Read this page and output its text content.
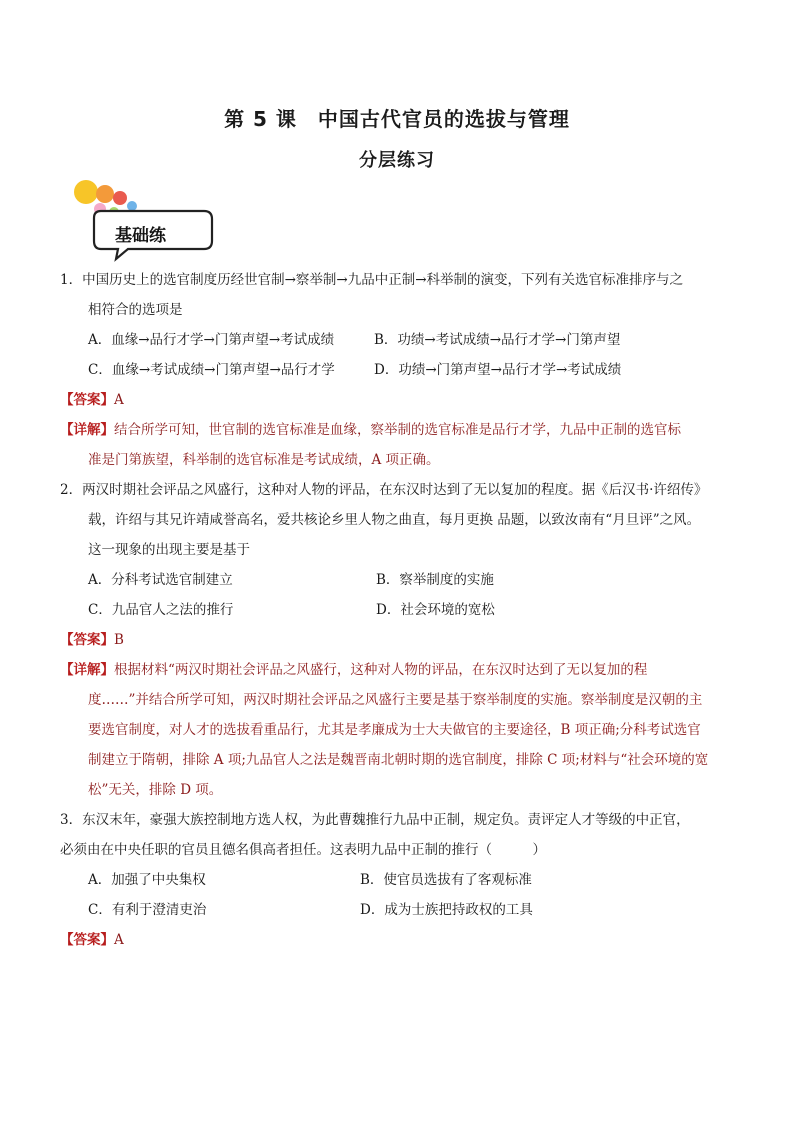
第 5 课　中国古代官员的选拔与管理
分层练习
基础练
1．中国历史上的选官制度历经世官制→察举制→九品中正制→科举制的演变，下列有关选官标准排序与之
相符合的选项是
A．血缘→品行才学→门第声望→考试成绩	B．功绩→考试成绩→品行才学→门第声望
C．血缘→考试成绩→门第声望→品行才学	D．功绩→门第声望→品行才学→考试成绩
【答案】A
【详解】结合所学可知，世官制的选官标准是血缘，察举制的选官标准是品行才学，九品中正制的选官标
准是门第族望，科举制的选官标准是考试成绩，A 项正确。
2．两汉时期社会评品之风盛行，这种对人物的评品，在东汉时达到了无以复加的程度。据《后汉书·许绍传》
载，许绍与其兄许靖咸誉高名，爱共核论乡里人物之曲直，每月更换 品题，以致汝南有“月旦评”之风。
这一现象的出现主要是基于
A．分科考试选官制建立	B．察举制度的实施
C．九品官人之法的推行	D．社会环境的宽松
【答案】B
【详解】根据材料“两汉时期社会评品之风盛行，这种对人物的评品，在东汉时达到了无以复加的程
度……”并结合所学可知，两汉时期社会评品之风盛行主要是基于察举制度的实施。察举制度是汉朝的主
要选官制度，对人才的选拔看重品行，尤其是孝廉成为士大夫做官的主要途径，B 项正确;分科考试选官
制建立于隋朝，排除 A 项;九品官人之法是魏晋南北朝时期的选官制度，排除 C 项;材料与“社会环境的宽
松”无关，排除 D 项。
3．东汉末年，豪强大族控制地方选人权，为此曹魏推行九品中正制，规定负。责评定人才等级的中正官，
必须由在中央任职的官员且德名俱高者担任。这表明九品中正制的推行（　　　）
A．加强了中央集权	B．使官员选拔有了客观标准
C．有利于澄清吏治	D．成为士族把持政权的工具
【答案】A
